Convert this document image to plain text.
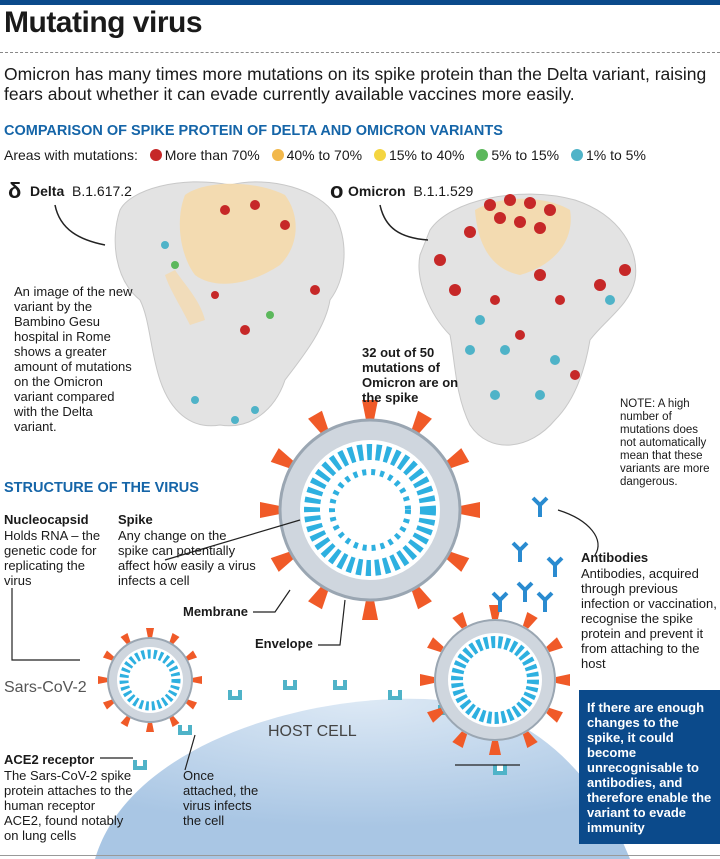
Mutating virus
Omicron has many times more mutations on its spike protein than the Delta variant, raising fears about whether it can evade currently available vaccines more easily.
COMPARISON OF SPIKE PROTEIN OF DELTA AND OMICRON VARIANTS
Areas with mutations: More than 70% 40% to 70% 15% to 40% 5% to 15% 1% to 5%
δ Delta B.1.617.2	o Omicron B.1.1.529
An image of the new variant by the Bambino Gesu hospital in Rome shows a greater amount of mutations on the Omicron variant compared with the Delta variant.
32 out of 50 mutations of Omicron are on the spike	NOTE: A high number of mutations does not automatically mean that these variants are more dangerous.
STRUCTURE OF THE VIRUS
Nucleocapsid
Holds RNA – the genetic code for replicating the virus
Spike
Any change on the spike can potentially affect how easily a virus infects a cell
Membrane
Envelope
Antibodies
Antibodies, acquired through previous infection or vaccination, recognise the spike protein and prevent it from attaching to the host
Sars-CoV-2
HOST CELL
ACE2 receptor
The Sars-CoV-2 spike protein attaches to the human receptor ACE2, found notably on lung cells
Once attached, the virus infects the cell
If there are enough changes to the spike, it could become unrecognisable to antibodies, and therefore enable the variant to evade immunity
